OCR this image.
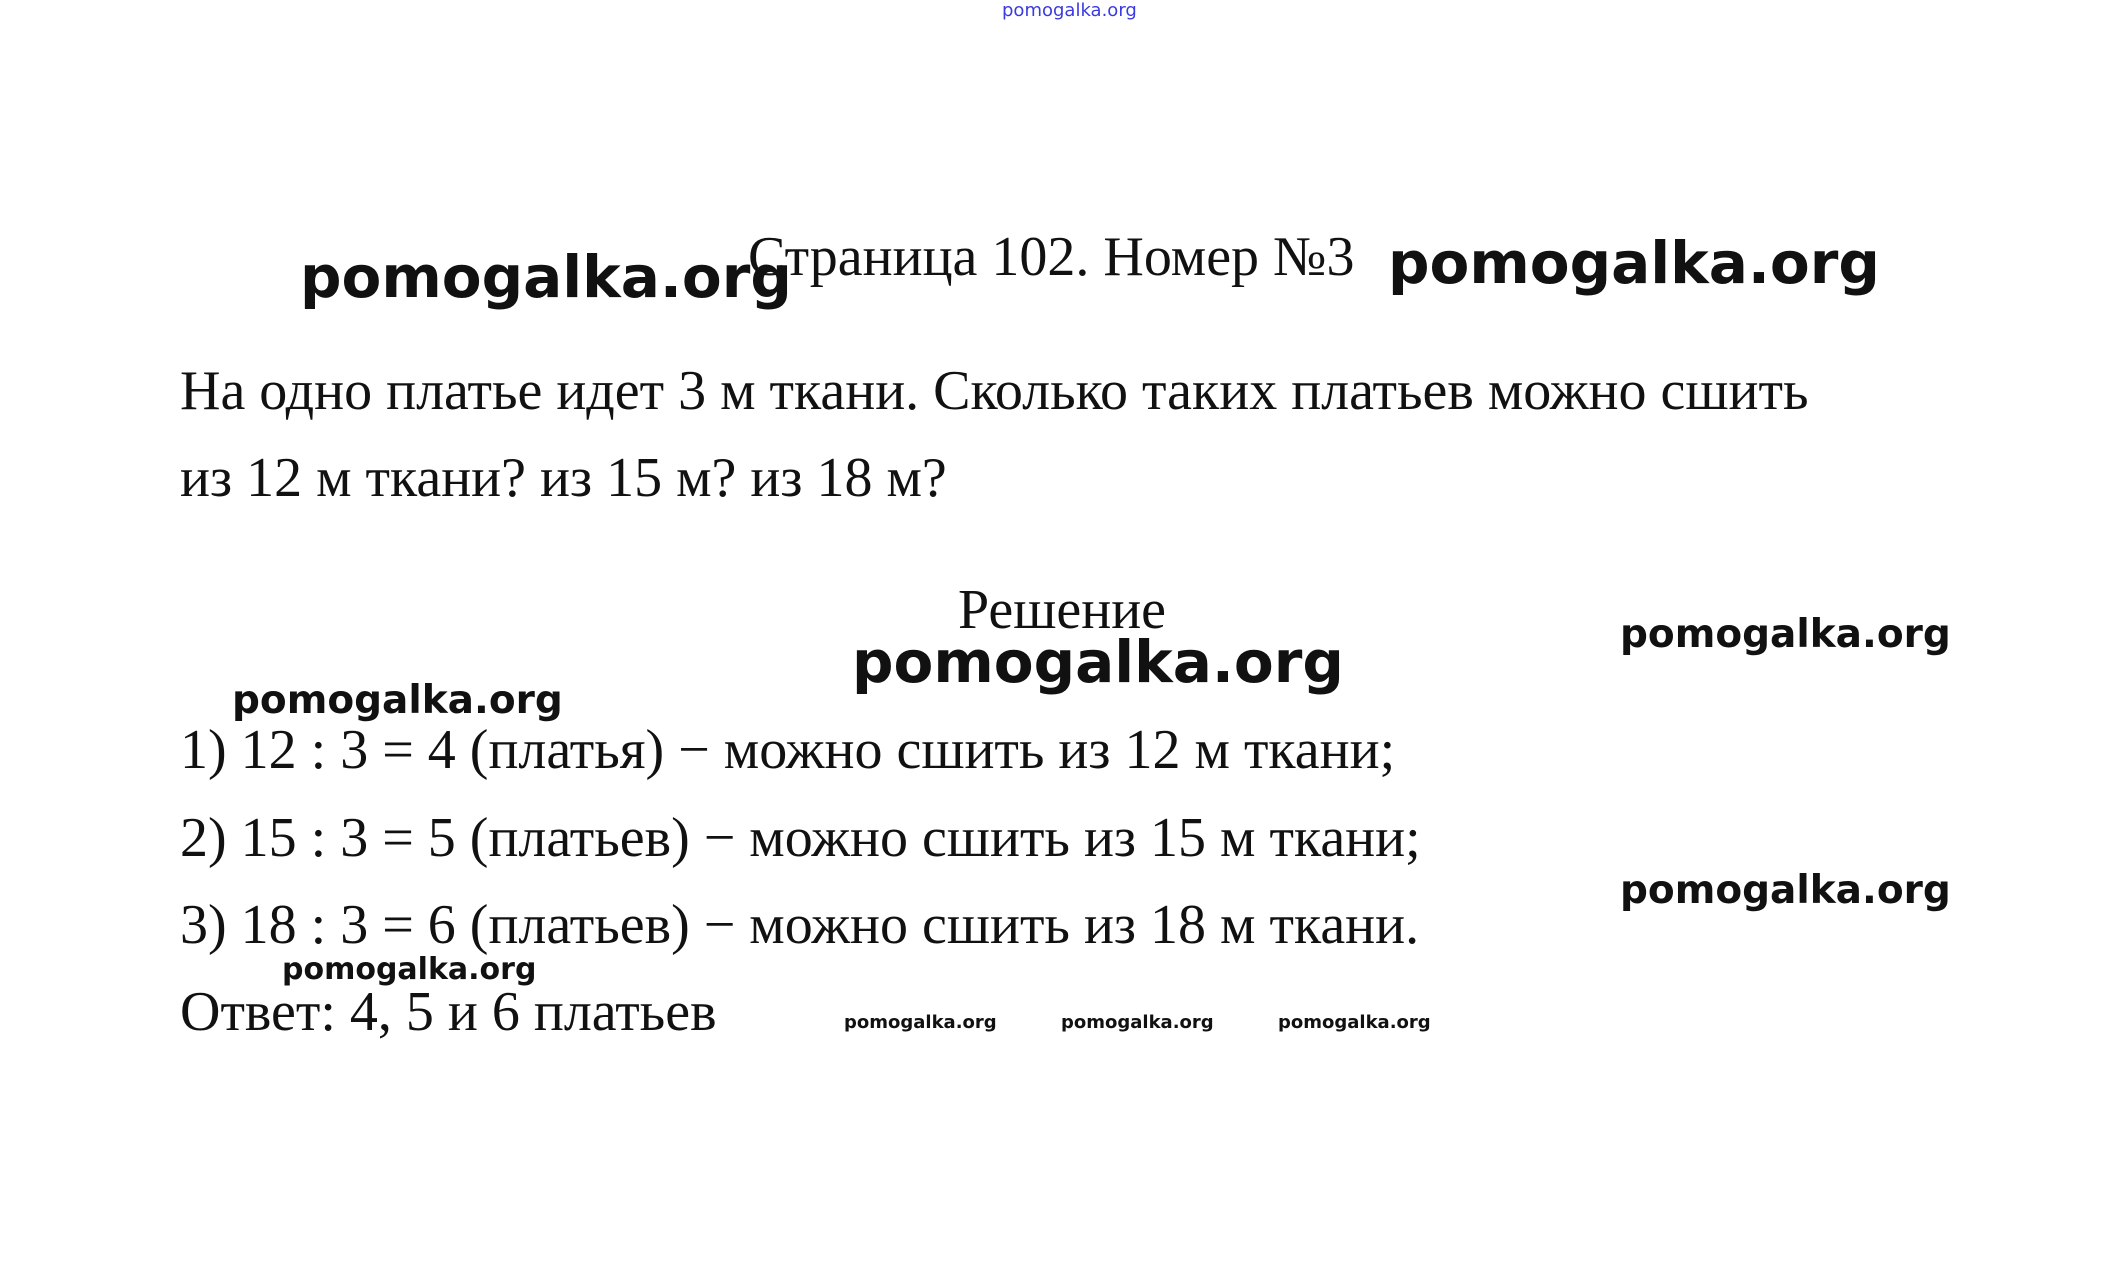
pomogalka.org
pomogalka.org
Страница 102. Номер №3 pomogalka.org
На одно платье идет 3 м ткани. Сколько таких платьев можно сшить
из 12 м ткани? из 15 м? из 18 м?
Решение
pomogalka.org	pomogalka.org
pomogalka.org
1) 12 : 3 = 4 (платья) − можно сшить из 12 м ткани;
2) 15 : 3 = 5 (платьев) − можно сшить из 15 м ткани;
3) 18 : 3 = 6 (платьев) − можно сшить из 18 м ткани.
pomogalka.org
pomogalka.org
Ответ: 4, 5 и 6 платьев	pomogalka.org	pomogalka.org	pomogalka.org
